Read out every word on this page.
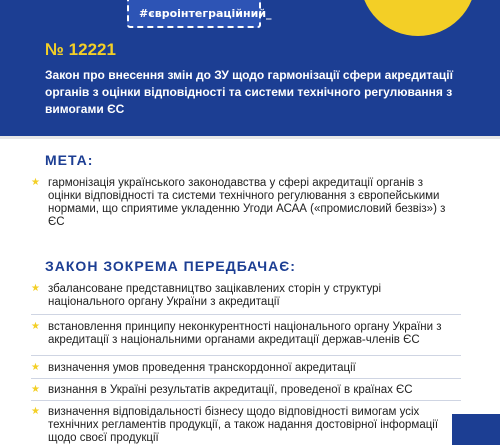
#євроінтеграційний_
№ 12221
Закон про внесення змін до ЗУ щодо гармонізації сфери акредитації органів з оцінки відповідності та системи технічного регулювання з вимогами ЄС
МЕТА:
★ гармонізація українського законодавства у сфері акредитації органів з оцінки відповідності та системи технічного регулювання з європейськими нормами, що сприятиме укладенню Угоди АСАА («промисловий безвіз») з ЄС
ЗАКОН ЗОКРЕМА ПЕРЕДБАЧАЄ:
★ збалансоване представництво зацікавлених сторін у структурі національного органу України з акредитації
★ встановлення принципу неконкурентності національного органу України з акредитації з національними органами акредитації держав-членів ЄС
★ визначення умов проведення транскордонної акредитації
★ визнання в Україні результатів акредитації, проведеної в країнах ЄС
★ визначення відповідальності бізнесу щодо відповідності вимогам усіх технічних регламентів продукції, а також надання достовірної інформації щодо своєї продукції
